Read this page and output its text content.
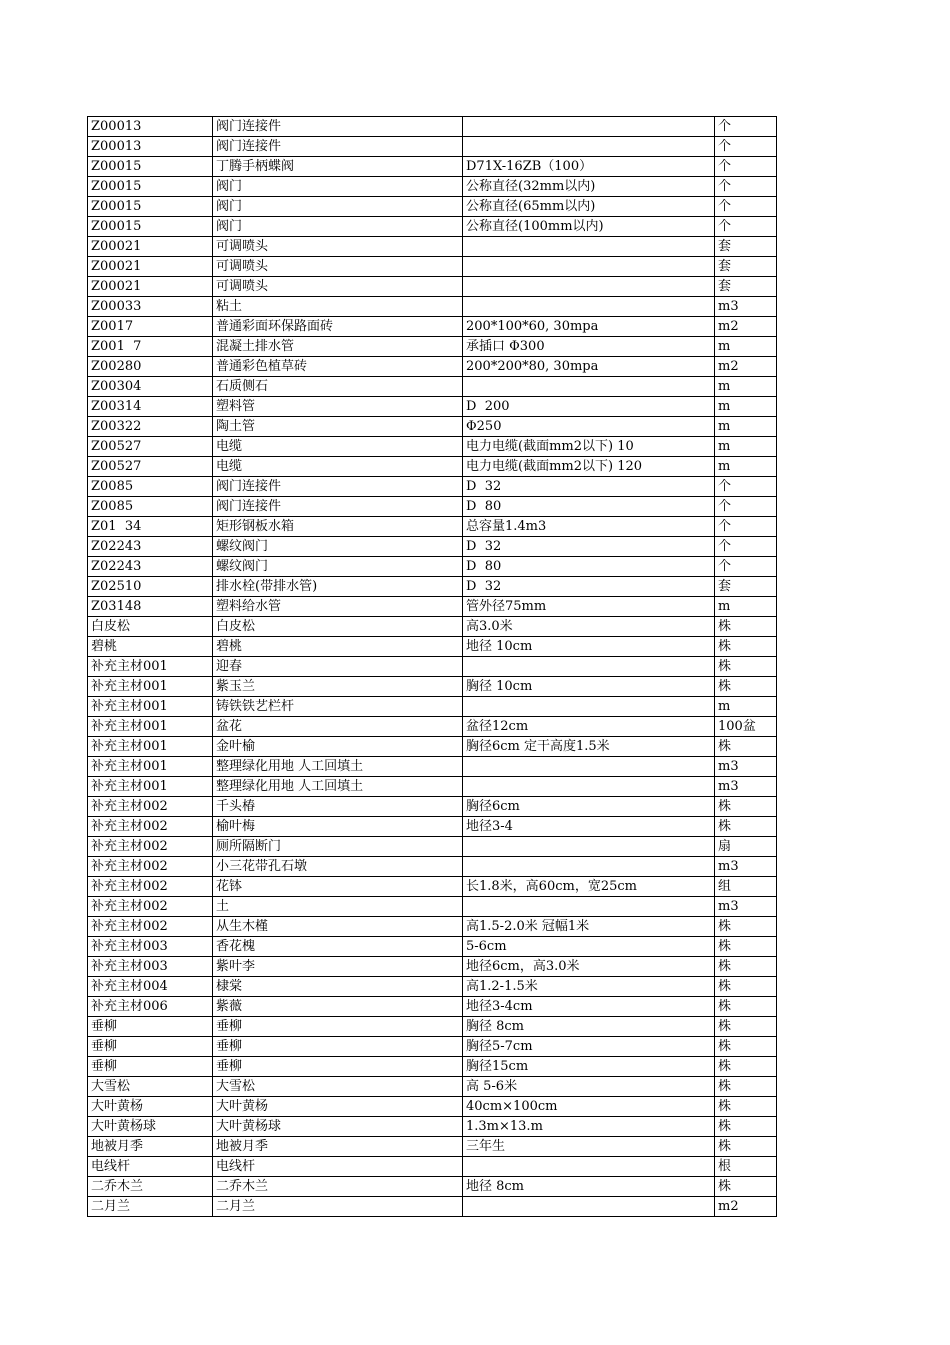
Z00013	阀门连接件		个
Z00013	阀门连接件		个
Z00015	丁腾手柄蝶阀	D71X-16ZB（100）	个
Z00015	阀门	公称直径(32mm以内)	个
Z00015	阀门	公称直径(65mm以内)	个
Z00015	阀门	公称直径(100mm以内)	个
Z00021	可调喷头		套
Z00021	可调喷头		套
Z00021	可调喷头		套
Z00033	粘土		m3
Z0017	普通彩面环保路面砖	200*100*60, 30mpa	m2
Z001  7	混凝土排水管	承插口 Φ300	m
Z00280	普通彩色植草砖	200*200*80, 30mpa	m2
Z00304	石质侧石		m
Z00314	塑料管	D  200	m
Z00322	陶土管	Φ250	m
Z00527	电缆	电力电缆(截面mm2以下) 10	m
Z00527	电缆	电力电缆(截面mm2以下) 120	m
Z0085	阀门连接件	D  32	个
Z0085	阀门连接件	D  80	个
Z01  34	矩形钢板水箱	总容量1.4m3	个
Z02243	螺纹阀门	D  32	个
Z02243	螺纹阀门	D  80	个
Z02510	排水栓(带排水管)	D  32	套
Z03148	塑料给水管	管外径75mm	m
白皮松	白皮松	高3.0米	株
碧桃	碧桃	地径 10cm	株
补充主材001	迎春		株
补充主材001	紫玉兰	胸径 10cm	株
补充主材001	铸铁铁艺栏杆		m
补充主材001	盆花	盆径12cm	100盆
补充主材001	金叶榆	胸径6cm 定干高度1.5米	株
补充主材001	整理绿化用地 人工回填土		m3
补充主材001	整理绿化用地 人工回填土		m3
补充主材002	千头椿	胸径6cm	株
补充主材002	榆叶梅	地径3-4	株
补充主材002	厕所隔断门		扇
补充主材002	小三花带孔石墩		m3
补充主材002	花钵	长1.8米，高60cm，宽25cm	组
补充主材002	土		m3
补充主材002	从生木槿	高1.5-2.0米 冠幅1米	株
补充主材003	香花槐	5-6cm	株
补充主材003	紫叶李	地径6cm，高3.0米	株
补充主材004	棣棠	高1.2-1.5米	株
补充主材006	紫薇	地径3-4cm	株
垂柳	垂柳	胸径 8cm	株
垂柳	垂柳	胸径5-7cm	株
垂柳	垂柳	胸径15cm	株
大雪松	大雪松	高 5-6米	株
大叶黄杨	大叶黄杨	40cm×100cm	株
大叶黄杨球	大叶黄杨球	1.3m×13.m	株
地被月季	地被月季	三年生	株
电线杆	电线杆		根
二乔木兰	二乔木兰	地径 8cm	株
二月兰	二月兰		m2
